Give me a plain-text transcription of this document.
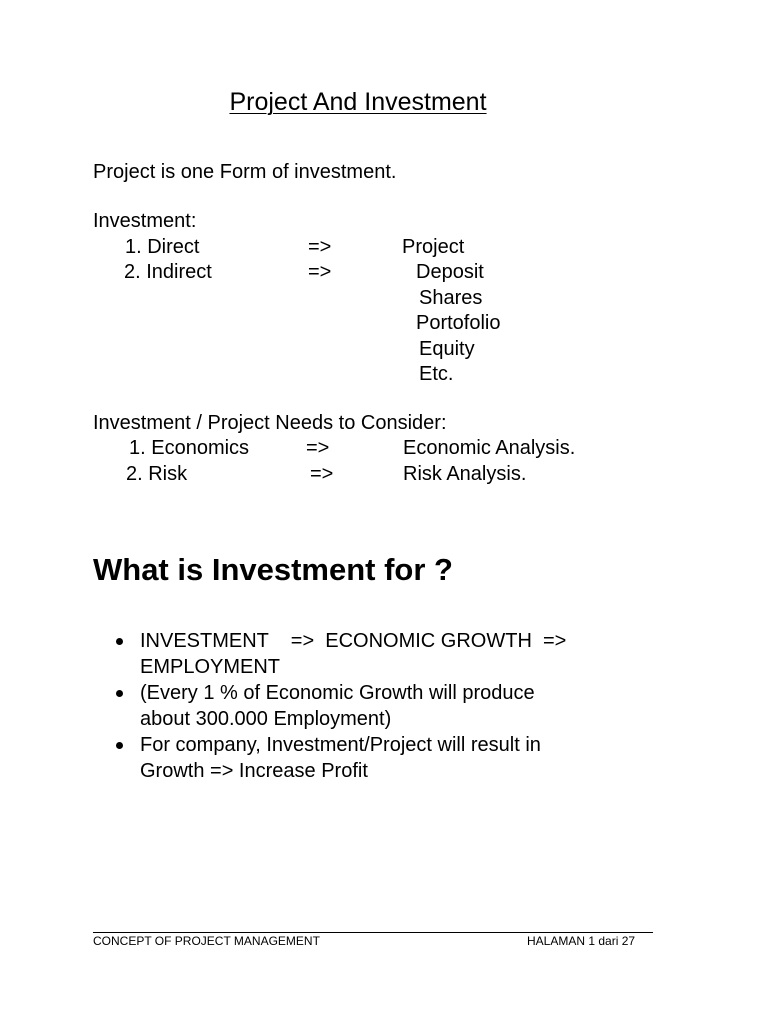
Project And Investment
Project is one Form of investment.
Investment:
1. Direct	=>	Project
2. Indirect	=>	Deposit
Shares
Portofolio
Equity
Etc.
Investment / Project Needs to Consider:
1. Economics	=>	Economic Analysis.
2. Risk	=>	Risk Analysis.
What is Investment for ?
INVESTMENT    =>  ECONOMIC GROWTH  =>
EMPLOYMENT
(Every 1 % of Economic Growth will produce
about 300.000 Employment)
For company, Investment/Project will result in
Growth => Increase Profit
CONCEPT OF PROJECT MANAGEMENT	HALAMAN 1 dari 27
